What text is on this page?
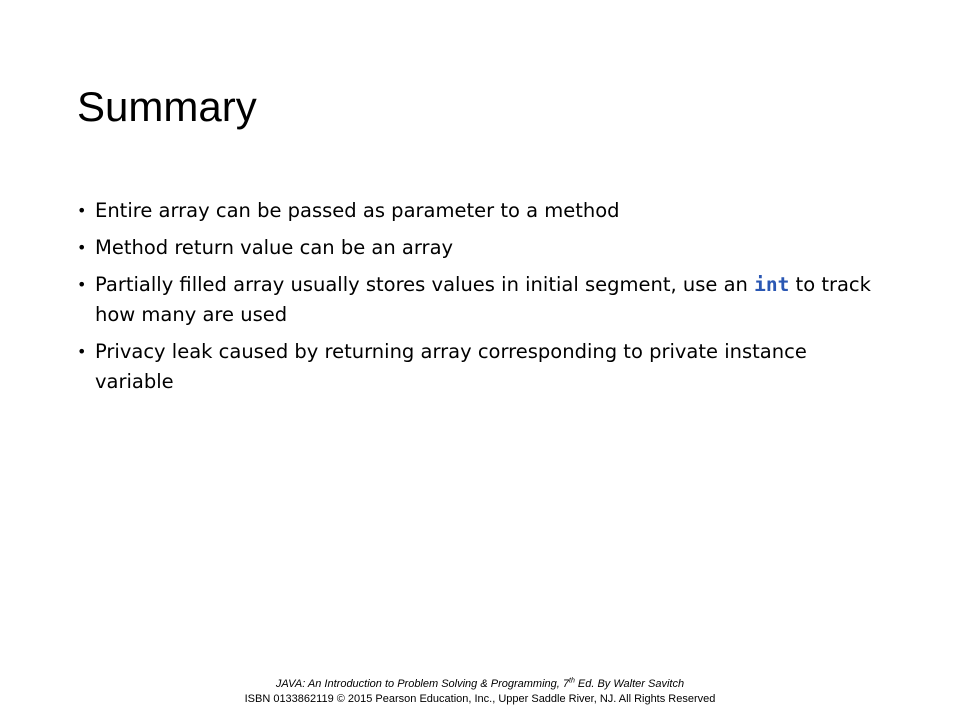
Summary
• Entire array can be passed as parameter to a method
• Method return value can be an array
• Partially filled array usually stores values in initial segment, use an int to track how many are used
• Privacy leak caused by returning array corresponding to private instance variable
JAVA: An Introduction to Problem Solving & Programming, 7th Ed. By Walter Savitch
ISBN 0133862119 © 2015 Pearson Education, Inc., Upper Saddle River, NJ. All Rights Reserved
